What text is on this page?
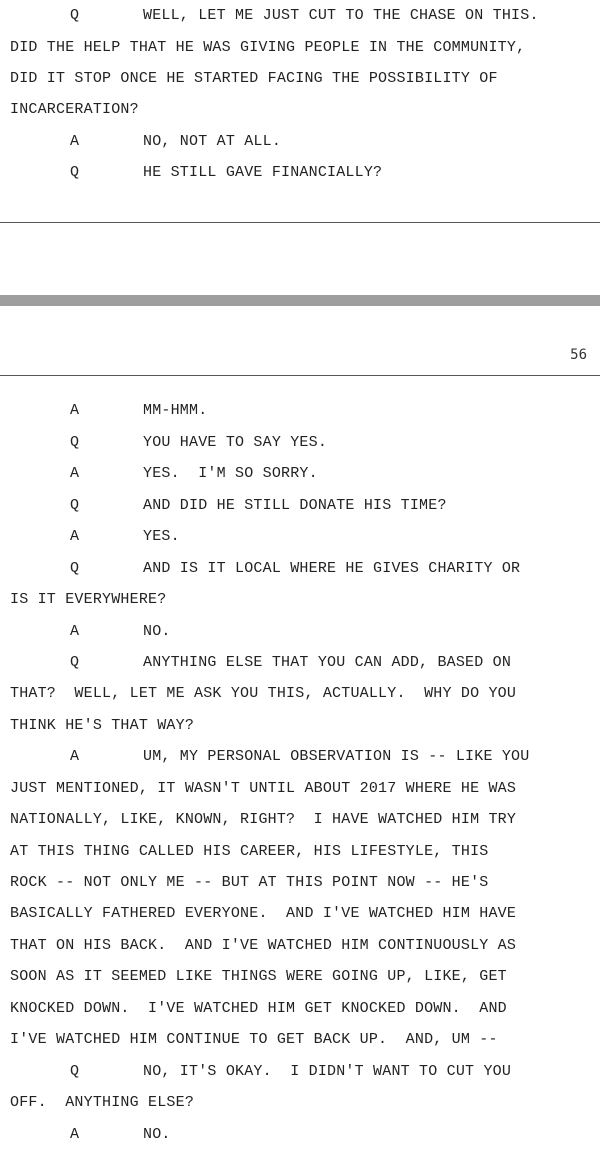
Q	WELL, LET ME JUST CUT TO THE CHASE ON THIS.
DID THE HELP THAT HE WAS GIVING PEOPLE IN THE COMMUNITY,
DID IT STOP ONCE HE STARTED FACING THE POSSIBILITY OF
INCARCERATION?
A	NO, NOT AT ALL.
Q	HE STILL GAVE FINANCIALLY?
56
A	MM-HMM.
Q	YOU HAVE TO SAY YES.
A	YES.  I'M SO SORRY.
Q	AND DID HE STILL DONATE HIS TIME?
A	YES.
Q	AND IS IT LOCAL WHERE HE GIVES CHARITY OR
IS IT EVERYWHERE?
A	NO.
Q	ANYTHING ELSE THAT YOU CAN ADD, BASED ON
THAT?  WELL, LET ME ASK YOU THIS, ACTUALLY.  WHY DO YOU
THINK HE'S THAT WAY?
A	UM, MY PERSONAL OBSERVATION IS -- LIKE YOU
JUST MENTIONED, IT WASN'T UNTIL ABOUT 2017 WHERE HE WAS
NATIONALLY, LIKE, KNOWN, RIGHT?  I HAVE WATCHED HIM TRY
AT THIS THING CALLED HIS CAREER, HIS LIFESTYLE, THIS
ROCK -- NOT ONLY ME -- BUT AT THIS POINT NOW -- HE'S
BASICALLY FATHERED EVERYONE.  AND I'VE WATCHED HIM HAVE
THAT ON HIS BACK.  AND I'VE WATCHED HIM CONTINUOUSLY AS
SOON AS IT SEEMED LIKE THINGS WERE GOING UP, LIKE, GET
KNOCKED DOWN.  I'VE WATCHED HIM GET KNOCKED DOWN.  AND
I'VE WATCHED HIM CONTINUE TO GET BACK UP.  AND, UM --
Q	NO, IT'S OKAY.  I DIDN'T WANT TO CUT YOU
OFF.  ANYTHING ELSE?
A	NO.
